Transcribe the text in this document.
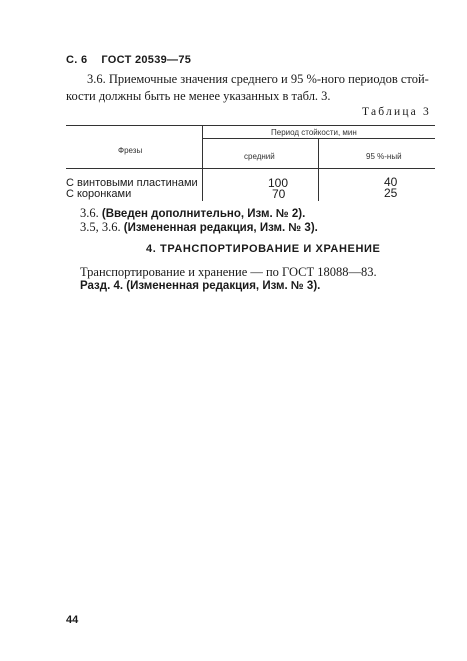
С. 6 ГОСТ 20539—75
3.6. Приемочные значения среднего и 95 %-ного периодов стой-
кости должны быть не менее указанных в табл. 3.
Таблица 3
Фрезы
Период стойкости, мин
средний	95 %-ный
С винтовыми пластинами	100	40
С коронками	70	25
3.6. (Введен дополнительно, Изм. № 2).
3.5, 3.6. (Измененная редакция, Изм. № 3).
4. ТРАНСПОРТИРОВАНИЕ И ХРАНЕНИЕ
Транспортирование и хранение — по ГОСТ 18088—83.
Разд. 4. (Измененная редакция, Изм. № 3).
44
